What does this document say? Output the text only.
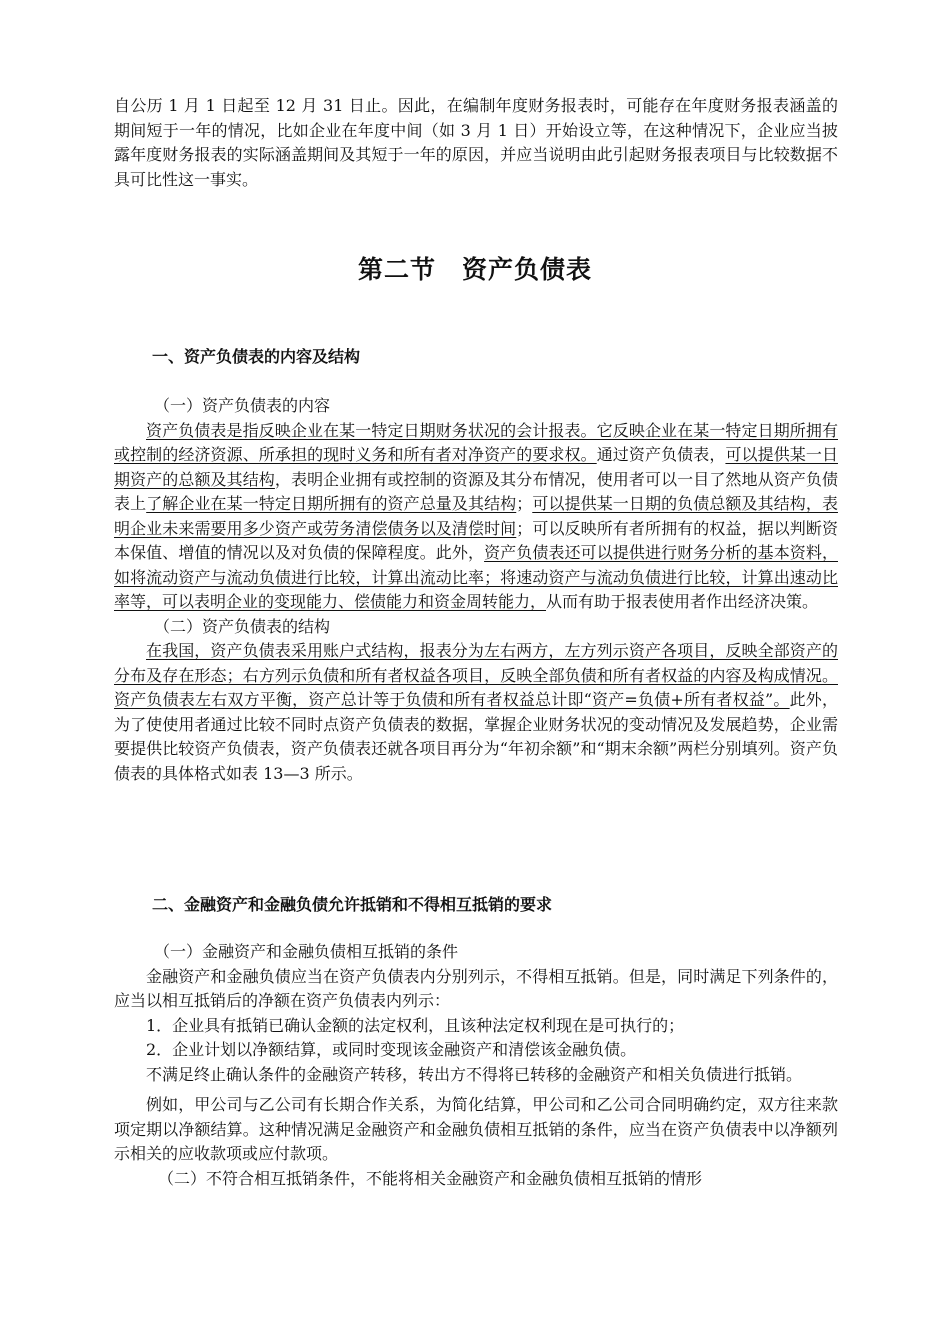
自公历 1 月 1 日起至 12 月 31 日止。因此，在编制年度财务报表时，可能存在年度财务报表涵盖的期间短于一年的情况，比如企业在年度中间（如 3 月 1 日）开始设立等，在这种情况下，企业应当披露年度财务报表的实际涵盖期间及其短于一年的原因，并应当说明由此引起财务报表项目与比较数据不具可比性这一事实。
第二节　资产负债表
一、资产负债表的内容及结构
（一）资产负债表的内容
资产负债表是指反映企业在某一特定日期财务状况的会计报表。它反映企业在某一特定日期所拥有或控制的经济资源、所承担的现时义务和所有者对净资产的要求权。通过资产负债表，可以提供某一日期资产的总额及其结构，表明企业拥有或控制的资源及其分布情况，使用者可以一目了然地从资产负债表上了解企业在某一特定日期所拥有的资产总量及其结构；可以提供某一日期的负债总额及其结构，表明企业未来需要用多少资产或劳务清偿债务以及清偿时间；可以反映所有者所拥有的权益，据以判断资本保值、增值的情况以及对负债的保障程度。此外，资产负债表还可以提供进行财务分析的基本资料，如将流动资产与流动负债进行比较，计算出流动比率；将速动资产与流动负债进行比较，计算出速动比率等，可以表明企业的变现能力、偿债能力和资金周转能力，从而有助于报表使用者作出经济决策。
（二）资产负债表的结构
在我国，资产负债表采用账户式结构，报表分为左右两方，左方列示资产各项目，反映全部资产的分布及存在形态；右方列示负债和所有者权益各项目，反映全部负债和所有者权益的内容及构成情况。资产负债表左右双方平衡，资产总计等于负债和所有者权益总计即“资产=负债+所有者权益”。此外，为了使使用者通过比较不同时点资产负债表的数据，掌握企业财务状况的变动情况及发展趋势，企业需要提供比较资产负债表，资产负债表还就各项目再分为“年初余额”和“期末余额”两栏分别填列。资产负债表的具体格式如表 13—3 所示。
二、金融资产和金融负债允许抵销和不得相互抵销的要求
（一）金融资产和金融负债相互抵销的条件
金融资产和金融负债应当在资产负债表内分别列示，不得相互抵销。但是，同时满足下列条件的，应当以相互抵销后的净额在资产负债表内列示：
1．企业具有抵销已确认金额的法定权利，且该种法定权利现在是可执行的；
2．企业计划以净额结算，或同时变现该金融资产和清偿该金融负债。
不满足终止确认条件的金融资产转移，转出方不得将已转移的金融资产和相关负债进行抵销。
例如，甲公司与乙公司有长期合作关系，为简化结算，甲公司和乙公司合同明确约定，双方往来款项定期以净额结算。这种情况满足金融资产和金融负债相互抵销的条件，应当在资产负债表中以净额列示相关的应收款项或应付款项。
（二）不符合相互抵销条件，不能将相关金融资产和金融负债相互抵销的情形
